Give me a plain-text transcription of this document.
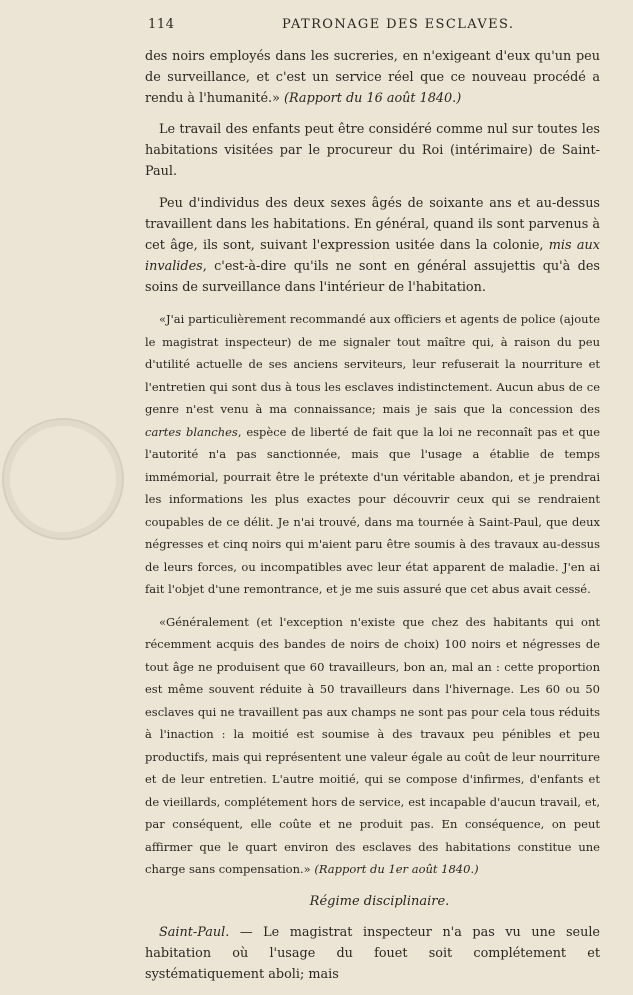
114	PATRONAGE DES ESCLAVES.

des noirs employés dans les sucreries, en n'exigeant d'eux qu'un peu de surveillance, et c'est un service réel que ce nouveau procédé a rendu à l'humanité.» (Rapport du 16 août 1840.)

Le travail des enfants peut être considéré comme nul sur toutes les habitations visitées par le procureur du Roi (intérimaire) de Saint-Paul.

Peu d'individus des deux sexes âgés de soixante ans et au-dessus travaillent dans les habitations. En général, quand ils sont parvenus à cet âge, ils sont, suivant l'expression usitée dans la colonie, mis aux invalides, c'est-à-dire qu'ils ne sont en général assujettis qu'à des soins de surveillance dans l'intérieur de l'habitation.

«J'ai particulièrement recommandé aux officiers et agents de police (ajoute le magistrat inspecteur) de me signaler tout maître qui, à raison du peu d'utilité actuelle de ses anciens serviteurs, leur refuserait la nourriture et l'entretien qui sont dus à tous les esclaves indistinctement. Aucun abus de ce genre n'est venu à ma connaissance; mais je sais que la concession des cartes blanches, espèce de liberté de fait que la loi ne reconnaît pas et que l'autorité n'a pas sanctionnée, mais que l'usage a établie de temps immémorial, pourrait être le prétexte d'un véritable abandon, et je prendrai les informations les plus exactes pour découvrir ceux qui se rendraient coupables de ce délit. Je n'ai trouvé, dans ma tournée à Saint-Paul, que deux négresses et cinq noirs qui m'aient paru être soumis à des travaux au-dessus de leurs forces, ou incompatibles avec leur état apparent de maladie. J'en ai fait l'objet d'une remontrance, et je me suis assuré que cet abus avait cessé.

«Généralement (et l'exception n'existe que chez des habitants qui ont récemment acquis des bandes de noirs de choix) 100 noirs et négresses de tout âge ne produisent que 60 travailleurs, bon an, mal an : cette proportion est même souvent réduite à 50 travailleurs dans l'hivernage. Les 60 ou 50 esclaves qui ne travaillent pas aux champs ne sont pas pour cela tous réduits à l'inaction : la moitié est soumise à des travaux peu pénibles et peu productifs, mais qui représentent une valeur égale au coût de leur nourriture et de leur entretien. L'autre moitié, qui se compose d'infirmes, d'enfants et de vieillards, complétement hors de service, est incapable d'aucun travail, et, par conséquent, elle coûte et ne produit pas. En conséquence, on peut affirmer que le quart environ des esclaves des habitations constitue une charge sans compensation.» (Rapport du 1er août 1840.)

Régime disciplinaire.

Saint-Paul. — Le magistrat inspecteur n'a pas vu une seule habitation où l'usage du fouet soit complétement et systématiquement aboli; mais
